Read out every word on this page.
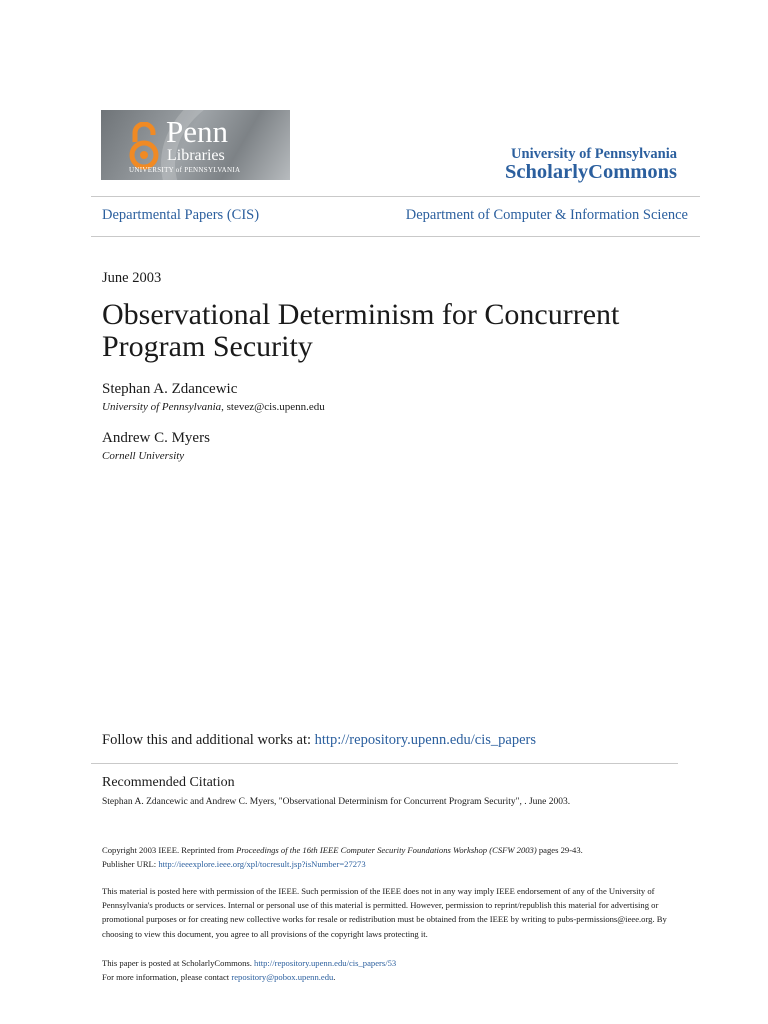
Penn
Libraries
UNIVERSITY of PENNSYLVANIA
University of Pennsylvania
ScholarlyCommons
Departmental Papers (CIS)	Department of Computer & Information Science
June 2003
Observational Determinism for Concurrent Program Security
Stephan A. Zdancewic
University of Pennsylvania, stevez@cis.upenn.edu
Andrew C. Myers
Cornell University
Follow this and additional works at: http://repository.upenn.edu/cis_papers
Recommended Citation
Stephan A. Zdancewic and Andrew C. Myers, "Observational Determinism for Concurrent Program Security", . June 2003.
Copyright 2003 IEEE. Reprinted from Proceedings of the 16th IEEE Computer Security Foundations Workshop (CSFW 2003) pages 29-43.
Publisher URL: http://ieeexplore.ieee.org/xpl/tocresult.jsp?isNumber=27273
This material is posted here with permission of the IEEE. Such permission of the IEEE does not in any way imply IEEE endorsement of any of the University of Pennsylvania's products or services. Internal or personal use of this material is permitted. However, permission to reprint/republish this material for advertising or promotional purposes or for creating new collective works for resale or redistribution must be obtained from the IEEE by writing to pubs-permissions@ieee.org. By choosing to view this document, you agree to all provisions of the copyright laws protecting it.
This paper is posted at ScholarlyCommons. http://repository.upenn.edu/cis_papers/53
For more information, please contact repository@pobox.upenn.edu.
